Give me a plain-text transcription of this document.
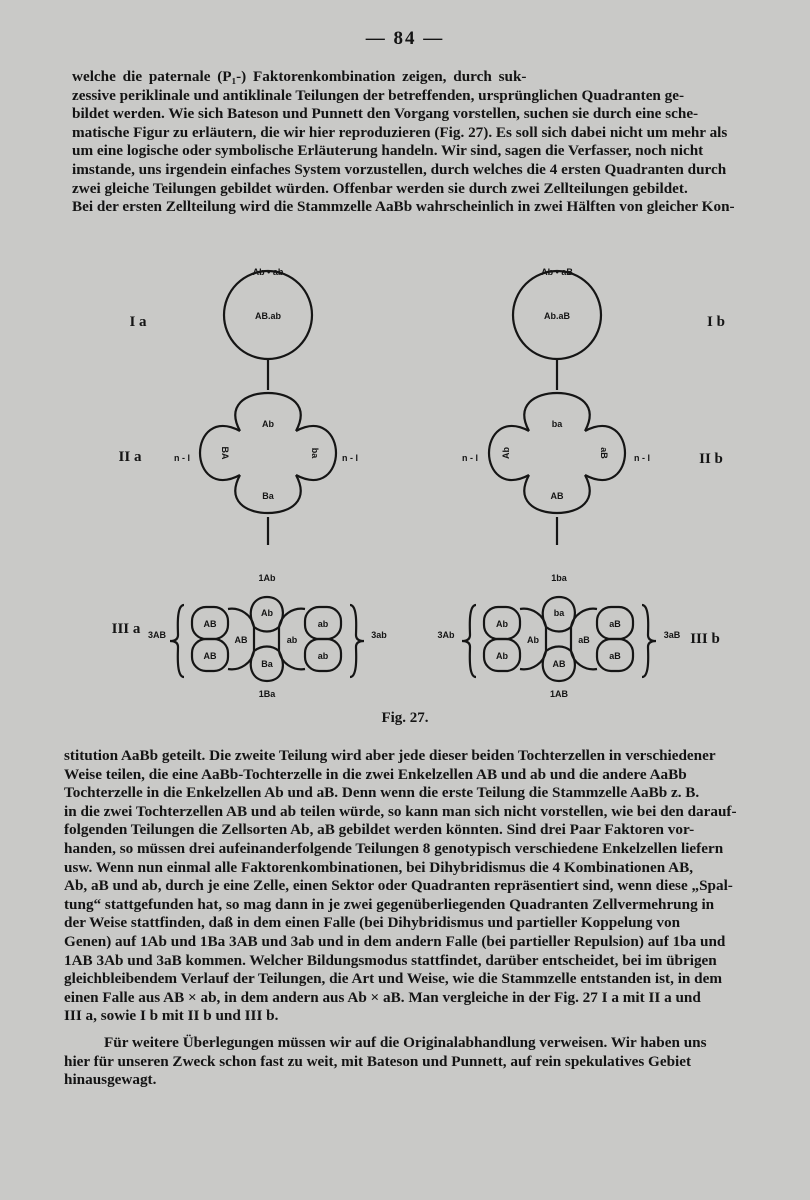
— 84 —

welche die paternale (P₁-) Faktorenkombination zeigen, durch suk-

zessive periklinale und antiklinale Teilungen der betreffenden, ursprünglichen Quadranten ge-

bildet werden. Wie sich Bateson und Punnett den Vorgang vorstellen, suchen sie durch eine sche-

matische Figur zu erläutern, die wir hier reproduzieren (Fig. 27). Es soll sich dabei nicht um mehr als

um eine logische oder symbolische Erläuterung handeln. Wir sind, sagen die Verfasser, noch nicht

imstande, uns irgendein einfaches System vorzustellen, durch welches die 4 ersten Quadranten durch

zwei gleiche Teilungen gebildet würden. Offenbar werden sie durch zwei Zellteilungen gebildet.

Bei der ersten Zellteilung wird die Stammzelle AaBb wahrscheinlich in zwei Hälften von gleicher Kon-

Ab • ab
AB.ab
Ab
Ba
BA	ba
n - l	n - l
1Ab
1Ba
3AB	3ab
Ab
Ba
AB	ab
AB
AB
ab
ab
Ab • aB
Ab.aB
ba
AB
Ab	aB
n - l	n - l
1ba
1AB
3Ab	3aB
ba
AB
Ab	aB
Ab
Ab
aB
aB
I a
II a
III a
I b
II b
III b
Fig. 27.

stitution AaBb geteilt. Die zweite Teilung wird aber jede dieser beiden Tochterzellen in verschiedener

Weise teilen, die eine AaBb-Tochterzelle in die zwei Enkelzellen AB und ab und die andere AaBb

Tochterzelle in die Enkelzellen Ab und aB. Denn wenn die erste Teilung die Stammzelle AaBb z. B.

in die zwei Tochterzellen AB und ab teilen würde, so kann man sich nicht vorstellen, wie bei den darauf-

folgenden Teilungen die Zellsorten Ab, aB gebildet werden könnten. Sind drei Paar Faktoren vor-

handen, so müssen drei aufeinanderfolgende Teilungen 8 genotypisch verschiedene Enkelzellen liefern

usw. Wenn nun einmal alle Faktorenkombinationen, bei Dihybridismus die 4 Kombinationen AB,

Ab, aB und ab, durch je eine Zelle, einen Sektor oder Quadranten repräsentiert sind, wenn diese „Spal-

tung“ stattgefunden hat, so mag dann in je zwei gegenüberliegenden Quadranten Zellvermehrung in

der Weise stattfinden, daß in dem einen Falle (bei Dihybridismus und partieller Koppelung von

Genen) auf 1Ab und 1Ba 3AB und 3ab und in dem andern Falle (bei partieller Repulsion) auf 1ba und

1AB 3Ab und 3aB kommen. Welcher Bildungsmodus stattfindet, darüber entscheidet, bei im übrigen

gleichbleibendem Verlauf der Teilungen, die Art und Weise, wie die Stammzelle entstanden ist, in dem

einen Falle aus AB × ab, in dem andern aus Ab × aB. Man vergleiche in der Fig. 27 I a mit II a und

III a, sowie I b mit II b und III b.

Für weitere Überlegungen müssen wir auf die Originalabhandlung verweisen. Wir haben uns

hier für unseren Zweck schon fast zu weit, mit Bateson und Punnett, auf rein spekulatives Gebiet

hinausgewagt.
